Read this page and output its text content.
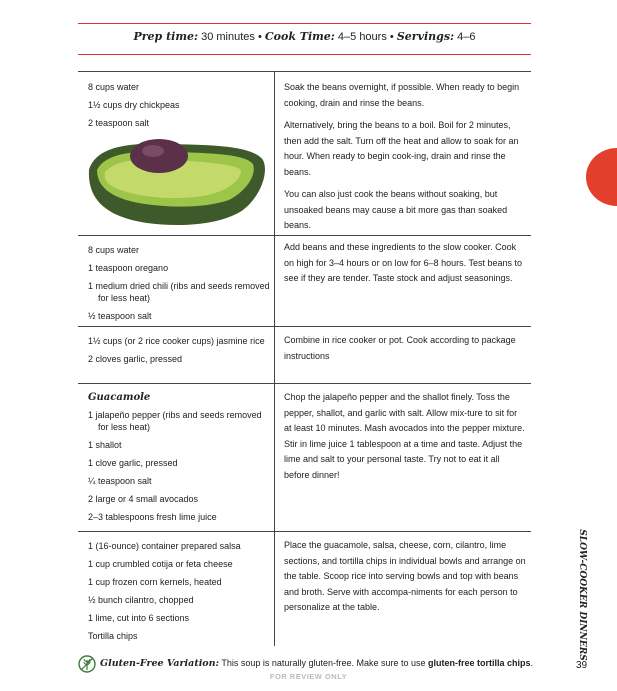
Prep time: 30 minutes • Cook Time: 4–5 hours • Servings: 4–6
8 cups water
1½ cups dry chickpeas
2 teaspoon salt

Soak the beans overnight, if possible. When ready to begin cooking, drain and rinse the beans.

Alternatively, bring the beans to a boil. Boil for 2 minutes, then add the salt. Turn off the heat and allow to soak for an hour. When ready to begin cook-ing, drain and rinse the beans.

You can also just cook the beans without soaking, but unsoaked beans may cause a bit more gas than soaked beans.

8 cups water
1 teaspoon oregano
1 medium dried chili (ribs and seeds removed for less heat)
½ teaspoon salt

Add beans and these ingredients to the slow cooker. Cook on high for 3–4 hours or on low for 6–8 hours. Test beans to see if they are tender. Taste stock and adjust seasonings.

1½ cups (or 2 rice cooker cups) jasmine rice
2 cloves garlic, pressed

Combine in rice cooker or pot. Cook according to package instructions

Guacamole
1 jalapeño pepper (ribs and seeds removed for less heat)
1 shallot
1 clove garlic, pressed
¼ teaspoon salt
2 large or 4 small avocados
2–3 tablespoons fresh lime juice

Chop the jalapeño pepper and the shallot finely. Toss the pepper, shallot, and garlic with salt. Allow mix-ture to sit for at least 10 minutes. Mash avocados into the pepper mixture. Stir in lime juice 1 tablespoon at a time and taste. Adjust the lime and salt to your personal taste. Try not to eat it all before dinner!

1 (16-ounce) container prepared salsa
1 cup crumbled cotija or feta cheese
1 cup frozen corn kernels, heated
½ bunch cilantro, chopped
1 lime, cut into 6 sections
Tortilla chips

Place the guacamole, salsa, cheese, corn, cilantro, lime sections, and tortilla chips in individual bowls and arrange on the table. Scoop rice into serving bowls and top with beans and broth. Serve with accompa-niments for each person to personalize at the table.	SLOW-COOKER DINNERS
Gluten-Free Variation: This soup is naturally gluten-free. Make sure to use gluten-free tortilla chips.	39
FOR REVIEW ONLY
